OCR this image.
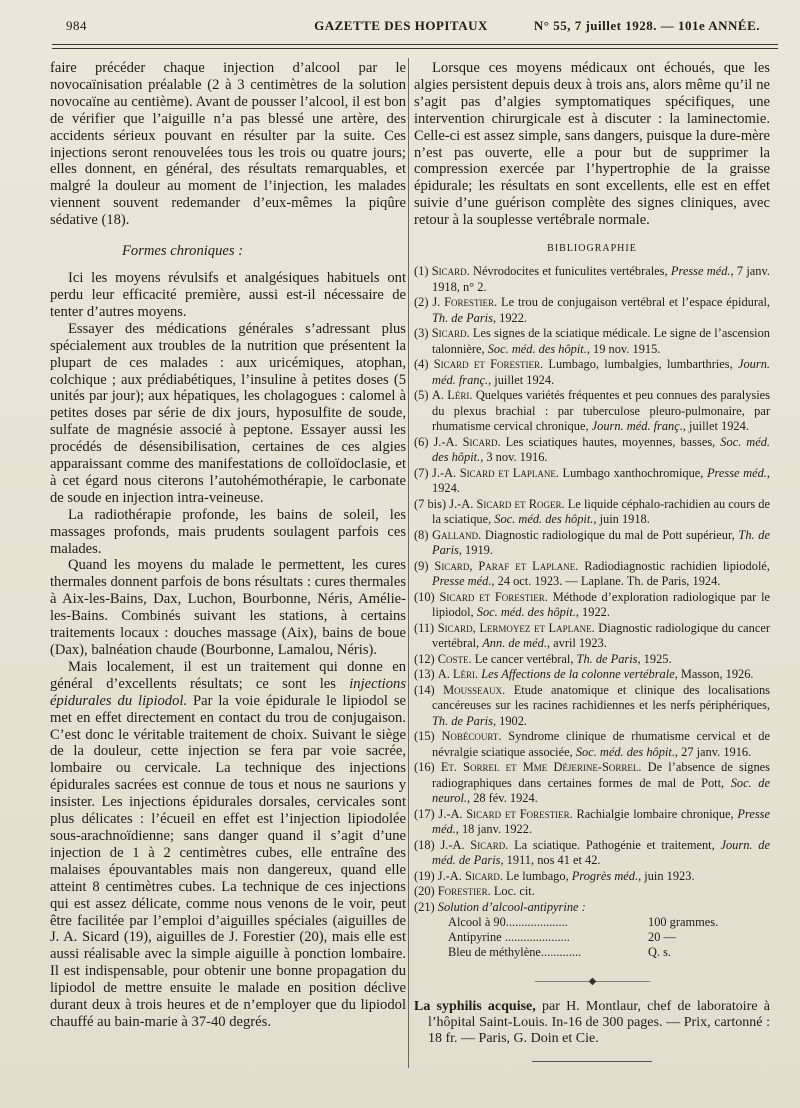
984	GAZETTE DES HOPITAUX	N° 55, 7 juillet 1928. — 101e ANNÉE.

faire précéder chaque injection d’alcool par le novocaïnisation préalable (2 à 3 centimètres de la solution novocaïne au centième). Avant de pousser l’alcool, il est bon de vérifier que l’aiguille n’a pas blessé une artère, des accidents sérieux pouvant en résulter par la suite. Ces injections seront renouvelées tous les trois ou quatre jours; elles donnent, en général, des résultats remarquables, et malgré la douleur au moment de l’injection, les malades viennent souvent redemander d’eux-mêmes la piqûre sédative (18).

Formes chroniques :

Ici les moyens révulsifs et analgésiques habituels ont perdu leur efficacité première, aussi est-il nécessaire de tenter d’autres moyens.

Essayer des médications générales s’adressant plus spécialement aux troubles de la nutrition que présentent la plupart de ces malades : aux uricémiques, atophan, colchique ; aux prédiabétiques, l’insuline à petites doses (5 unités par jour); aux hépatiques, les cholagogues : calomel à petites doses par série de dix jours, hyposulfite de soude, sulfate de magnésie associé à peptone. Essayer aussi les procédés de désensibilisation, certaines de ces algies apparaissant comme des manifestations de colloïdoclasie, et à cet égard nous citerons l’autohémothérapie, le carbonate de soude en injection intra-veineuse.

La radiothérapie profonde, les bains de soleil, les massages profonds, mais prudents soulagent parfois ces malades.

Quand les moyens du malade le permettent, les cures thermales donnent parfois de bons résultats : cures thermales à Aix-les-Bains, Dax, Luchon, Bourbonne, Néris, Amélie-les-Bains. Combinés suivant les stations, à certains traitements locaux : douches massage (Aix), bains de boue (Dax), balnéation chaude (Bourbonne, Lamalou, Néris).

Mais localement, il est un traitement qui donne en général d’excellents résultats; ce sont les injections épidurales du lipiodol. Par la voie épidurale le lipiodol se met en effet directement en contact du trou de conjugaison. C’est donc le véritable traitement de choix. Suivant le siège de la douleur, cette injection se fera par voie sacrée, lombaire ou cervicale. La technique des injections épidurales sacrées est connue de tous et nous ne saurions y insister. Les injections épidurales dorsales, cervicales sont plus délicates : l’écueil en effet est l’injection lipiodolée sous-arachnoïdienne; sans danger quand il s’agit d’une injection de 1 à 2 centimètres cubes, elle entraîne des malaises épouvantables mais non dangereux, quand elle atteint 8 centimètres cubes. La technique de ces injections qui est assez délicate, comme nous venons de le voir, peut être facilitée par l’emploi d’aiguilles spéciales (aiguilles de J. A. Sicard (19), aiguilles de J. Forestier (20), mais elle est aussi réalisable avec la simple aiguille à ponction lombaire. Il est indispensable, pour obtenir une bonne propagation du lipiodol de mettre ensuite le malade en position déclive durant deux à trois heures et de n’employer que du lipiodol chauffé au bain-marie à 37-40 degrés.

Lorsque ces moyens médicaux ont échoués, que les algies persistent depuis deux à trois ans, alors même qu’il ne s’agit pas d’algies symptomatiques spécifiques, une intervention chirurgicale est à discuter : la laminectomie. Celle-ci est assez simple, sans dangers, puisque la dure-mère n’est pas ouverte, elle a pour but de supprimer la compression exercée par l’hypertrophie de la graisse épidurale; les résultats en sont excellents, elle est en effet suivie d’une guérison complète des signes cliniques, avec retour à la souplesse vertébrale normale.

BIBLIOGRAPHIE

(1) Sicard. Névrodocites et funiculites vertébrales, Presse méd., 7 janv. 1918, n° 2.

(2) J. Forestier. Le trou de conjugaison vertébral et l’espace épidural, Th. de Paris, 1922.

(3) Sicard. Les signes de la sciatique médicale. Le signe de l’ascension talonnière, Soc. méd. des hôpit., 19 nov. 1915.

(4) Sicard et Forestier. Lumbago, lumbalgies, lumbarthries, Journ. méd. franç., juillet 1924.

(5) A. Léri. Quelques variétés fréquentes et peu connues des paralysies du plexus brachial : par tuberculose pleuro-pulmonaire, par rhumatisme cervical chronique, Journ. méd. franç., juillet 1924.

(6) J.-A. Sicard. Les sciatiques hautes, moyennes, basses, Soc. méd. des hôpit., 3 nov. 1916.

(7) J.-A. Sicard et Laplane. Lumbago xanthochromique, Presse méd., 1924.

(7 bis) J.-A. Sicard et Roger. Le liquide céphalo-rachidien au cours de la sciatique, Soc. méd. des hôpit., juin 1918.

(8) Galland. Diagnostic radiologique du mal de Pott supérieur, Th. de Paris, 1919.

(9) Sicard, Paraf et Laplane. Radiodiagnostic rachidien lipiodolé, Presse méd., 24 oct. 1923. — Laplane. Th. de Paris, 1924.

(10) Sicard et Forestier. Méthode d’exploration radiologique par le lipiodol, Soc. méd. des hôpit., 1922.

(11) Sicard, Lermoyez et Laplane. Diagnostic radiologique du cancer vertébral, Ann. de méd., avril 1923.

(12) Coste. Le cancer vertébral, Th. de Paris, 1925.

(13) A. Léri. Les Affections de la colonne vertébrale, Masson, 1926.

(14) Mousseaux. Etude anatomique et clinique des localisations cancéreuses sur les racines rachidiennes et les nerfs périphériques, Th. de Paris, 1902.

(15) Nobécourt. Syndrome clinique de rhumatisme cervical et de névralgie sciatique associée, Soc. méd. des hôpit., 27 janv. 1916.

(16) Et. Sorrel et Mme Déjerine-Sorrel. De l’absence de signes radiographiques dans certaines formes de mal de Pott, Soc. de neurol., 28 fév. 1924.

(17) J.-A. Sicard et Forestier. Rachialgie lombaire chronique, Presse méd., 18 janv. 1922.

(18) J.-A. Sicard. La sciatique. Pathogénie et traitement, Journ. de méd. de Paris, 1911, nos 41 et 42.

(19) J.-A. Sicard. Le lumbago, Progrès méd., juin 1923.

(20) Forestier. Loc. cit.

(21) Solution d’alcool-antipyrine :

Alcool à 90....................	100 grammes.
Antipyrine .....................	20 —
Bleu de méthylène.............	Q. s.
——————◆——————

La syphilis acquise, par H. Montlaur, chef de laboratoire à l’hôpital Saint-Louis. In-16 de 300 pages. — Prix, cartonné : 18 fr. — Paris, G. Doin et Cie.
